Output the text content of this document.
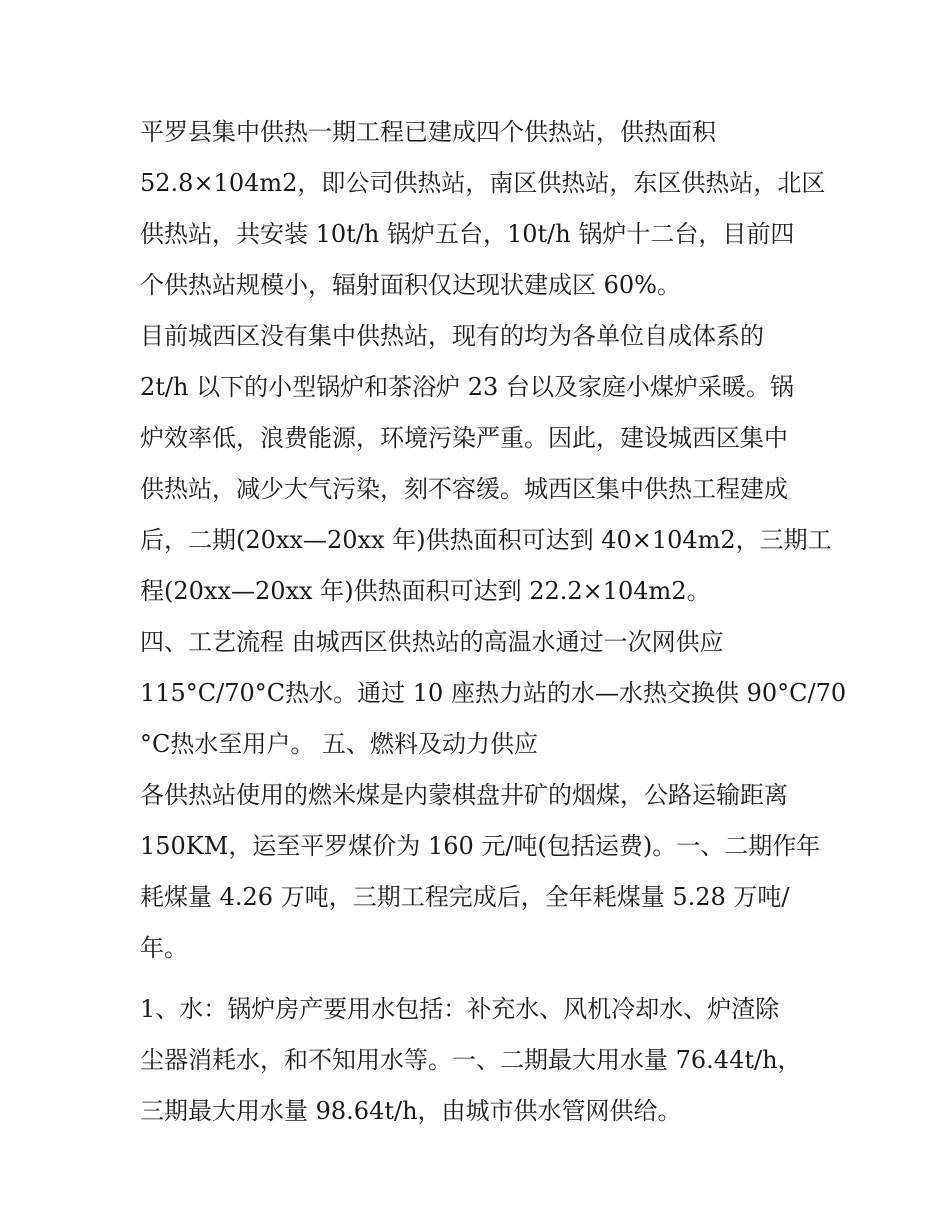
平罗县集中供热一期工程已建成四个供热站，供热面积
52.8×104m2，即公司供热站，南区供热站，东区供热站，北区
供热站，共安装 10t/h 锅炉五台，10t/h 锅炉十二台，目前四
个供热站规模小，辐射面积仅达现状建成区 60%。
目前城西区没有集中供热站，现有的均为各单位自成体系的
2t/h 以下的小型锅炉和茶浴炉 23 台以及家庭小煤炉采暖。锅
炉效率低，浪费能源，环境污染严重。因此，建设城西区集中
供热站，减少大气污染，刻不容缓。城西区集中供热工程建成
后，二期(20xx—20xx 年)供热面积可达到 40×104m2，三期工
程(20xx—20xx 年)供热面积可达到 22.2×104m2。
四、工艺流程 由城西区供热站的高温水通过一次网供应
115°C/70°C热水。通过 10 座热力站的水—水热交换供 90°C/70
°C热水至用户。 五、燃料及动力供应
各供热站使用的燃米煤是内蒙棋盘井矿的烟煤，公路运输距离
150KM，运至平罗煤价为 160 元/吨(包括运费)。一、二期作年
耗煤量 4.26 万吨，三期工程完成后，全年耗煤量 5.28 万吨/
年。
1、水：锅炉房产要用水包括：补充水、风机冷却水、炉渣除
尘器消耗水，和不知用水等。一、二期最大用水量 76.44t/h，
三期最大用水量 98.64t/h，由城市供水管网供给。
